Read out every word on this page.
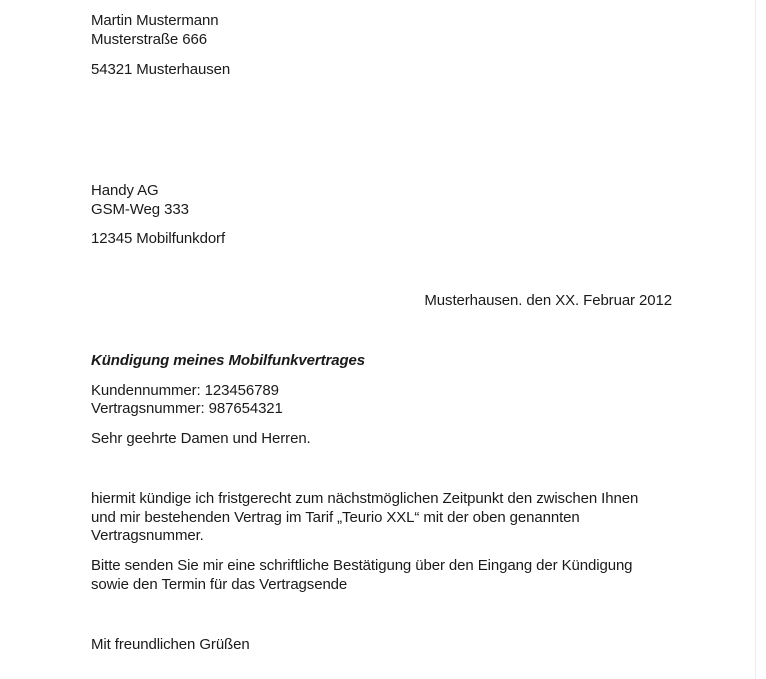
Martin Mustermann
Musterstraße 666
54321 Musterhausen
Handy AG
GSM-Weg 333
12345 Mobilfunkdorf
Musterhausen. den XX. Februar 2012
Kündigung meines Mobilfunkvertrages
Kundennummer: 123456789
Vertragsnummer: 987654321
Sehr geehrte Damen und Herren.
hiermit kündige ich fristgerecht zum nächstmöglichen Zeitpunkt den zwischen Ihnen
und mir bestehenden Vertrag im Tarif „Teurio XXL“ mit der oben genannten
Vertragsnummer.
Bitte senden Sie mir eine schriftliche Bestätigung über den Eingang der Kündigung
sowie den Termin für das Vertragsende
Mit freundlichen Grüßen
